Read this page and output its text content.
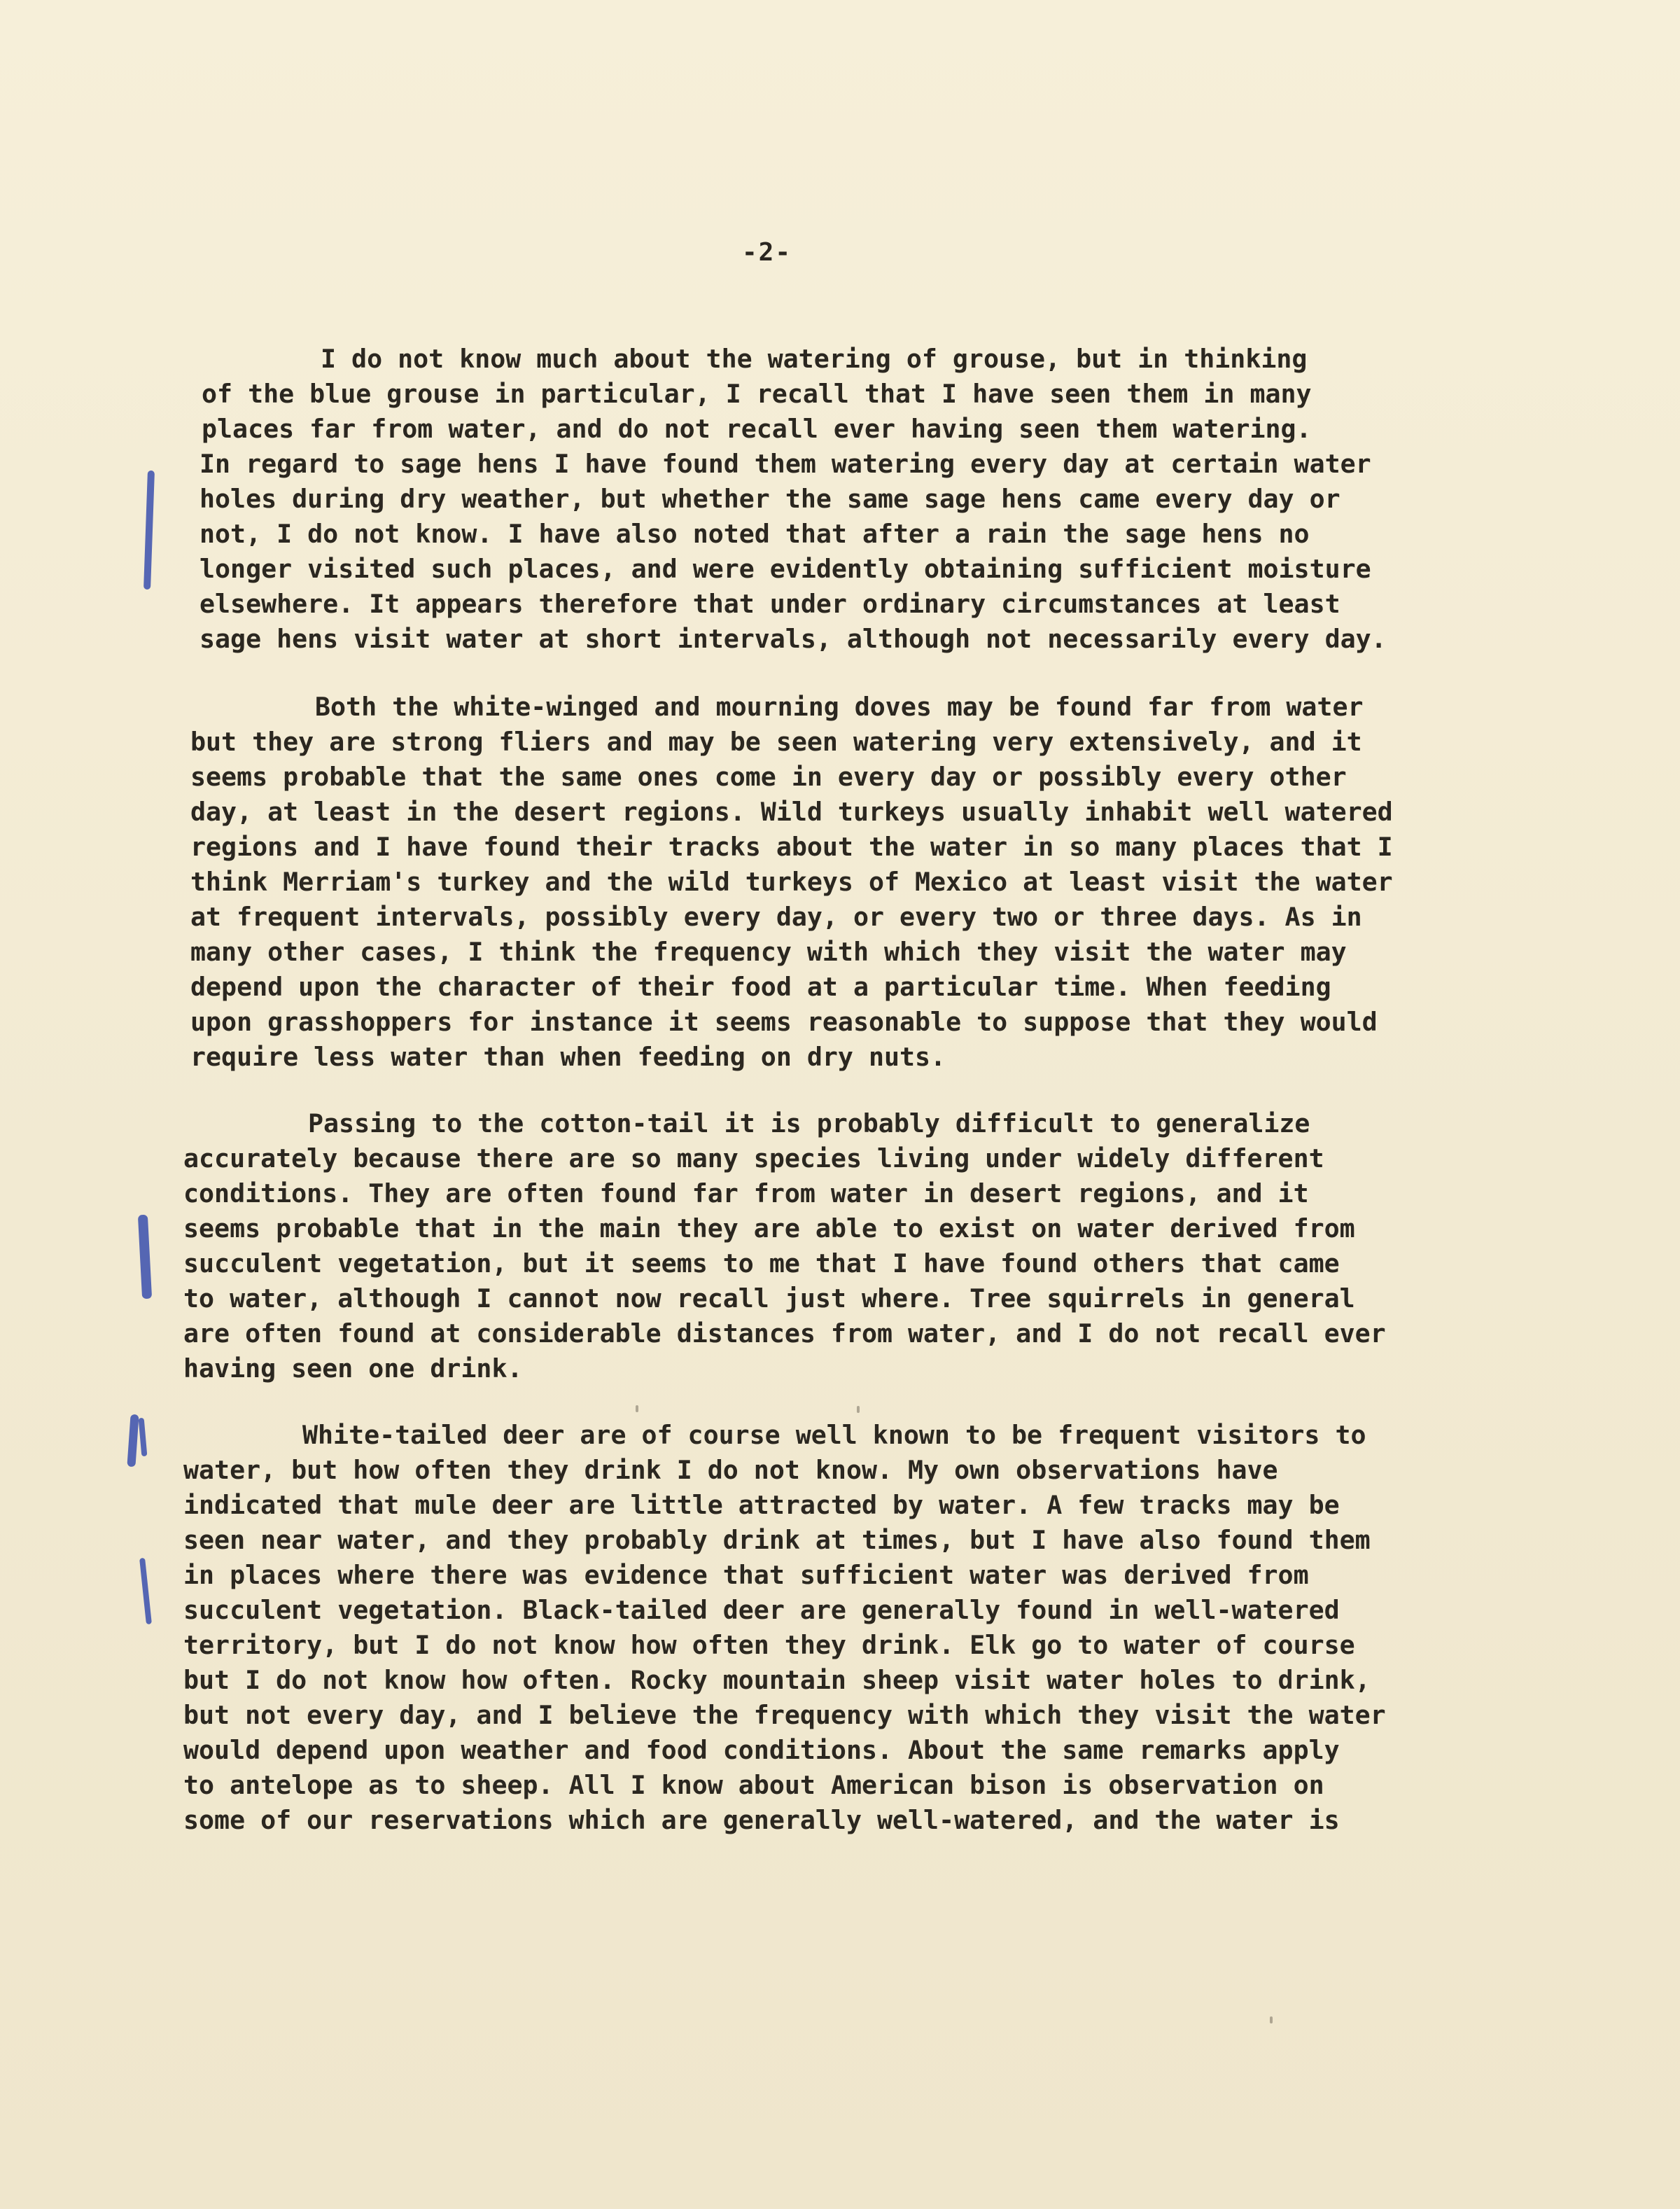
-2-
I do not know much about the watering of grouse, but in thinking
of the blue grouse in particular, I recall that I have seen them in many
places far from water, and do not recall ever having seen them watering.
In regard to sage hens I have found them watering every day at certain water
holes during dry weather, but whether the same sage hens came every day or
not, I do not know. I have also noted that after a rain the sage hens no
longer visited such places, and were evidently obtaining sufficient moisture
elsewhere. It appears therefore that under ordinary circumstances at least
sage hens visit water at short intervals, although not necessarily every day.
Both the white-winged and mourning doves may be found far from water
but they are strong fliers and may be seen watering very extensively, and it
seems probable that the same ones come in every day or possibly every other
day, at least in the desert regions. Wild turkeys usually inhabit well watered
regions and I have found their tracks about the water in so many places that I
think Merriam's turkey and the wild turkeys of Mexico at least visit the water
at frequent intervals, possibly every day, or every two or three days. As in
many other cases, I think the frequency with which they visit the water may
depend upon the character of their food at a particular time. When feeding
upon grasshoppers for instance it seems reasonable to suppose that they would
require less water than when feeding on dry nuts.
Passing to the cotton-tail it is probably difficult to generalize
accurately because there are so many species living under widely different
conditions. They are often found far from water in desert regions, and it
seems probable that in the main they are able to exist on water derived from
succulent vegetation, but it seems to me that I have found others that came
to water, although I cannot now recall just where. Tree squirrels in general
are often found at considerable distances from water, and I do not recall ever
having seen one drink.
White-tailed deer are of course well known to be frequent visitors to
water, but how often they drink I do not know. My own observations have
indicated that mule deer are little attracted by water. A few tracks may be
seen near water, and they probably drink at times, but I have also found them
in places where there was evidence that sufficient water was derived from
succulent vegetation. Black-tailed deer are generally found in well-watered
territory, but I do not know how often they drink. Elk go to water of course
but I do not know how often. Rocky mountain sheep visit water holes to drink,
but not every day, and I believe the frequency with which they visit the water
would depend upon weather and food conditions. About the same remarks apply
to antelope as to sheep. All I know about American bison is observation on
some of our reservations which are generally well-watered, and the water is
